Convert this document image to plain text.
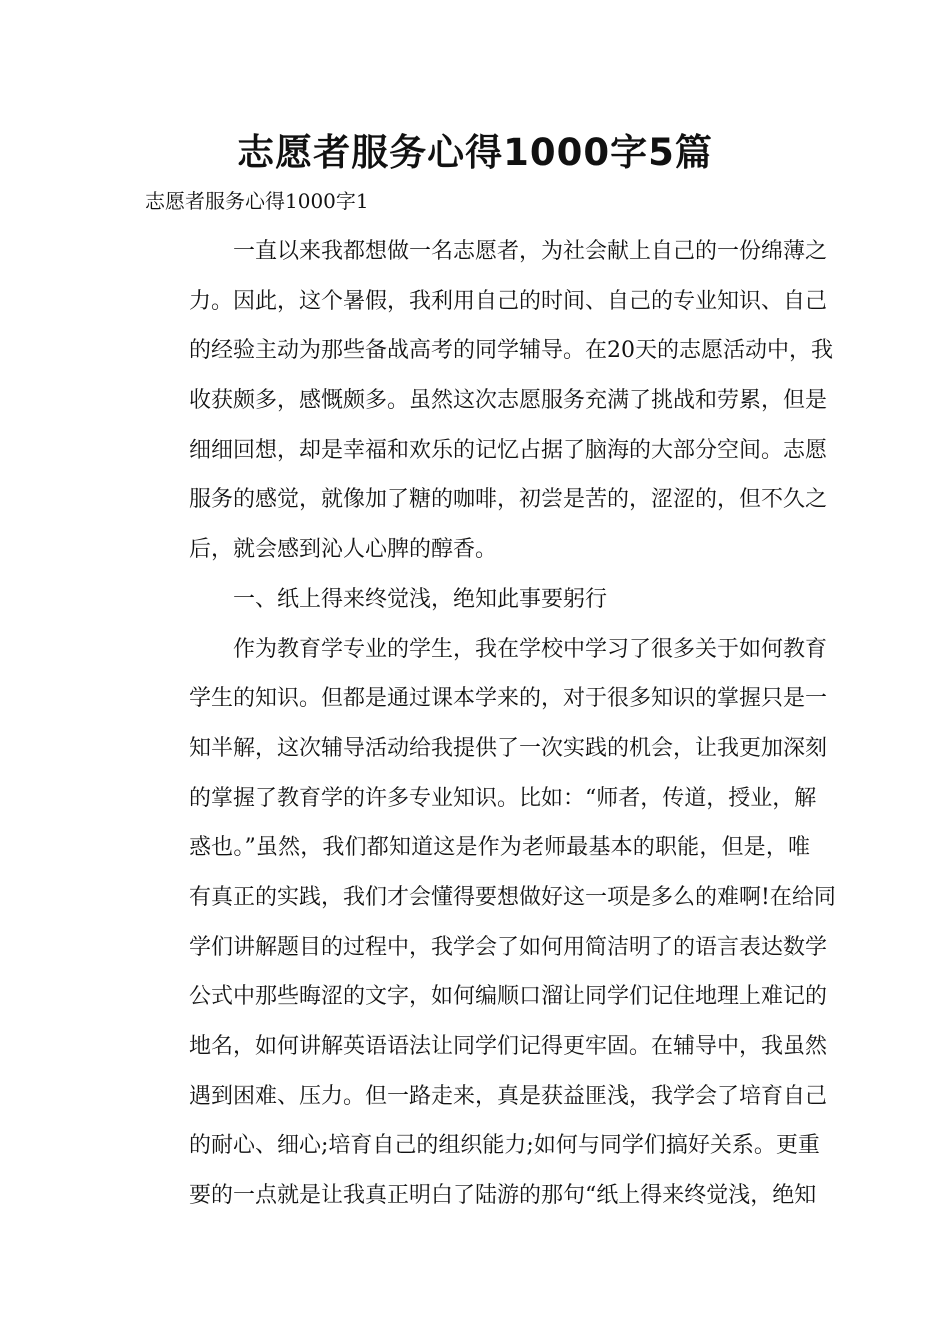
志愿者服务心得1000字5篇

志愿者服务心得1000字1

一直以来我都想做一名志愿者，为社会献上自己的一份绵薄之
力。因此，这个暑假，我利用自己的时间、自己的专业知识、自己
的经验主动为那些备战高考的同学辅导。在20天的志愿活动中，我
收获颇多，感慨颇多。虽然这次志愿服务充满了挑战和劳累，但是
细细回想，却是幸福和欢乐的记忆占据了脑海的大部分空间。志愿
服务的感觉，就像加了糖的咖啡，初尝是苦的，涩涩的，但不久之
后，就会感到沁人心脾的醇香。
一、纸上得来终觉浅，绝知此事要躬行
作为教育学专业的学生，我在学校中学习了很多关于如何教育
学生的知识。但都是通过课本学来的，对于很多知识的掌握只是一
知半解，这次辅导活动给我提供了一次实践的机会，让我更加深刻
的掌握了教育学的许多专业知识。比如：“师者，传道，授业，解
惑也。”虽然，我们都知道这是作为老师最基本的职能，但是，唯
有真正的实践，我们才会懂得要想做好这一项是多么的难啊!在给同
学们讲解题目的过程中，我学会了如何用简洁明了的语言表达数学
公式中那些晦涩的文字，如何编顺口溜让同学们记住地理上难记的
地名，如何讲解英语语法让同学们记得更牢固。在辅导中，我虽然
遇到困难、压力。但一路走来，真是获益匪浅，我学会了培育自己
的耐心、细心;培育自己的组织能力;如何与同学们搞好关系。更重
要的一点就是让我真正明白了陆游的那句“纸上得来终觉浅，绝知
